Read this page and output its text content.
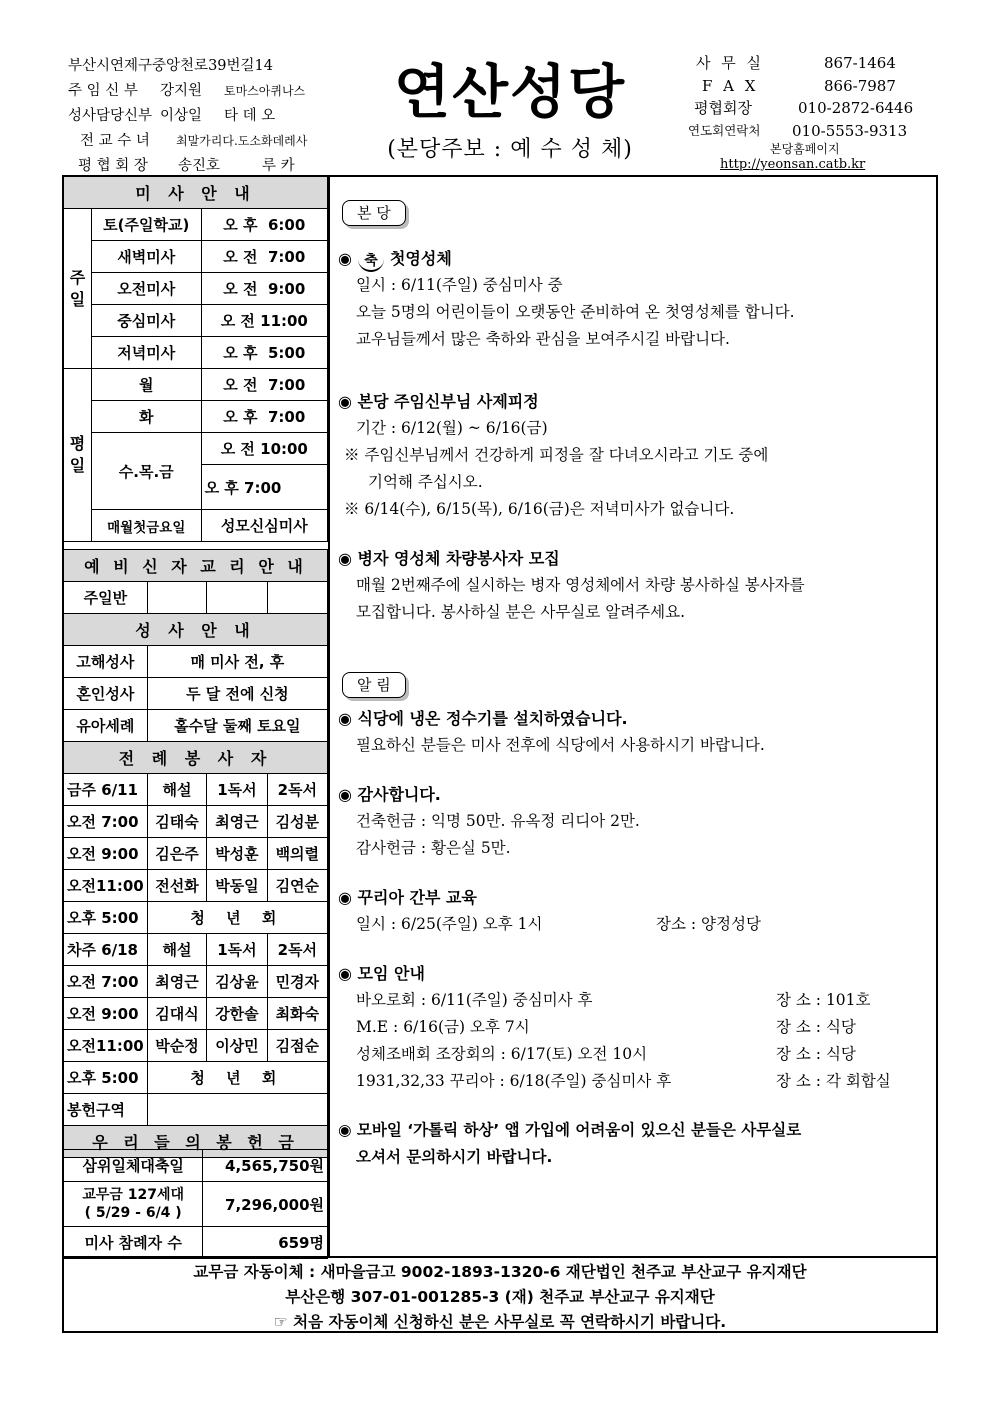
부산시연제구중앙천로39번길14
주 임 신 부	강지원	토마스아퀴나스
성사담당신부 이상일	타 데 오
전 교 수 녀	최말가리다.도소화데레사
평 협 회 장	송진호	루 카
연산성당
(본당주보 : 예 수 성 체)
사 무 실	867-1464
F A X	866-7987
평협회장	010-2872-6446
연도회연락처	010-5553-9313
본당홈페이지
http://yeonsan.catb.kr
미 사 안 내		
주 일	토(주일학교)	오 후  6:00
	새벽미사	오 전  7:00
	오전미사	오 전  9:00
	중심미사	오 전 11:00
	저녁미사	오 후  5:00
평 일	월	오 전  7:00
	화	오 후  7:00
	수.목.금	오 전 10:00
		오 후 7:00
	매월첫금요일	성모신심미사
예 비 신 자 교 리 안 내			
주일반			
성 사 안 내			
고해성사	매 미사 전, 후		
혼인성사	두 달 전에 신청		
유아세례	홀수달 둘째 토요일		
전 례 봉 사 자			
금주 6/11	해설	1독서	2독서
오전 7:00	김태숙	최영근	김성분
오전 9:00	김은주	박성훈	백의렬
오전11:00	전선화	박동일	김연순
오후 5:00	청 년 회		
차주 6/18	해설	1독서	2독서
오전 7:00	최영근	김상윤	민경자
오전 9:00	김대식	강한솔	최화숙
오전11:00	박순정	이상민	김점순
오후 5:00	청 년 회		
봉헌구역			
우 리 들 의 봉 헌 금			
삼위일체대축일	4,565,750원
교무금 127세대
( 5/29 - 6/4 )	7,296,000원
미사 참례자 수	659명
본 당
◉ 축 첫영성체
일시 : 6/11(주일) 중심미사 중
오늘 5명의 어린이들이 오랫동안 준비하여 온 첫영성체를 합니다.
교우님들께서 많은 축하와 관심을 보여주시길 바랍니다.
◉ 본당 주임신부님 사제피정
기간 : 6/12(월) ~ 6/16(금)
※ 주임신부님께서 건강하게 피정을 잘 다녀오시라고 기도 중에
기억해 주십시오.
※ 6/14(수), 6/15(목), 6/16(금)은 저녁미사가 없습니다.
◉ 병자 영성체 차량봉사자 모집
매월 2번째주에 실시하는 병자 영성체에서 차량 봉사하실 봉사자를
모집합니다. 봉사하실 분은 사무실로 알려주세요.
알 림
◉ 식당에 냉온 정수기를 설치하였습니다.
필요하신 분들은 미사 전후에 식당에서 사용하시기 바랍니다.
◉ 감사합니다.
건축헌금 : 익명 50만. 유옥정 리디아 2만.
감사헌금 : 황은실 5만.
◉ 꾸리아 간부 교육
일시 : 6/25(주일) 오후 1시	장소 : 양정성당
◉ 모임 안내
바오로회 : 6/11(주일) 중심미사 후	장 소 : 101호
M.E : 6/16(금) 오후 7시	장 소 : 식당
성체조배회 조장회의 : 6/17(토) 오전 10시	장 소 : 식당
1931,32,33 꾸리아 : 6/18(주일) 중심미사 후	장 소 : 각 회합실
◉ 모바일 ‘가톨릭 하상’ 앱 가입에 어려움이 있으신 분들은 사무실로
오셔서 문의하시기 바랍니다.
교무금 자동이체 : 새마을금고 9002-1893-1320-6 재단법인 천주교 부산교구 유지재단
부산은행 307-01-001285-3 (재) 천주교 부산교구 유지재단
☞ 처음 자동이체 신청하신 분은 사무실로 꼭 연락하시기 바랍니다.
